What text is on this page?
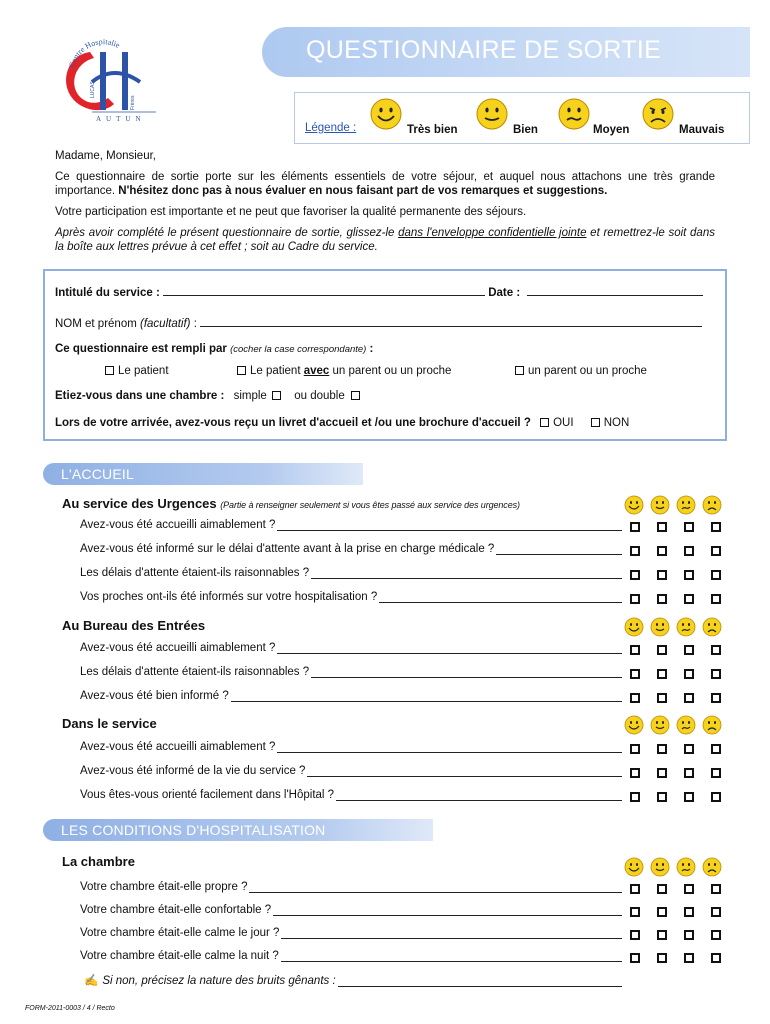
Centre Hospitalie
LUCAS
Frères
AUTUN
QUESTIONNAIRE DE SORTIE
Légende :	Très bien	Bien	Moyen	Mauvais

Madame, Monsieur,

Ce questionnaire de sortie porte sur les éléments essentiels de votre séjour, et auquel nous attachons une très grande importance. N'hésitez donc pas à nous évaluer en nous faisant part de vos remarques et suggestions.

Votre participation est importante et ne peut que favoriser la qualité permanente des séjours.

Après avoir complété le présent questionnaire de sortie, glissez-le dans l'enveloppe confidentielle jointe et remettrez-le soit dans la boîte aux lettres prévue à cet effet ; soit au Cadre du service.

Intitulé du service :	Date :
NOM et prénom (facultatif) :
Ce questionnaire est rempli par (cocher la case correspondante) :
Le patient	Le patient avec un parent ou un proche	un parent ou un proche
Etiez-vous dans une chambre : simple ou double
Lors de votre arrivée, avez-vous reçu un livret d'accueil et /ou une brochure d'accueil ? OUI	NON
L'ACCUEIL
Au service des Urgences (Partie à renseigner seulement si vous êtes passé aux service des urgences)
Avez-vous été accueilli aimablement ?
Avez-vous été informé sur le délai d'attente avant à la prise en charge médicale ?
Les délais d'attente étaient-ils raisonnables ?
Vos proches ont-ils été informés sur votre hospitalisation ?
Au Bureau des Entrées
Avez-vous été accueilli aimablement ?
Les délais d'attente étaient-ils raisonnables ?
Avez-vous été bien informé ?
Dans le service
Avez-vous été accueilli aimablement ?
Avez-vous été informé de la vie du service ?
Vous êtes-vous orienté facilement dans l'Hôpital ?
LES CONDITIONS D'HOSPITALISATION
La chambre
Votre chambre était-elle propre ?
Votre chambre était-elle confortable ?
Votre chambre était-elle calme le jour ?
Votre chambre était-elle calme la nuit ?
✍ Si non, précisez la nature des bruits gênants :
FORM-2011-0003 / 4 / Recto
